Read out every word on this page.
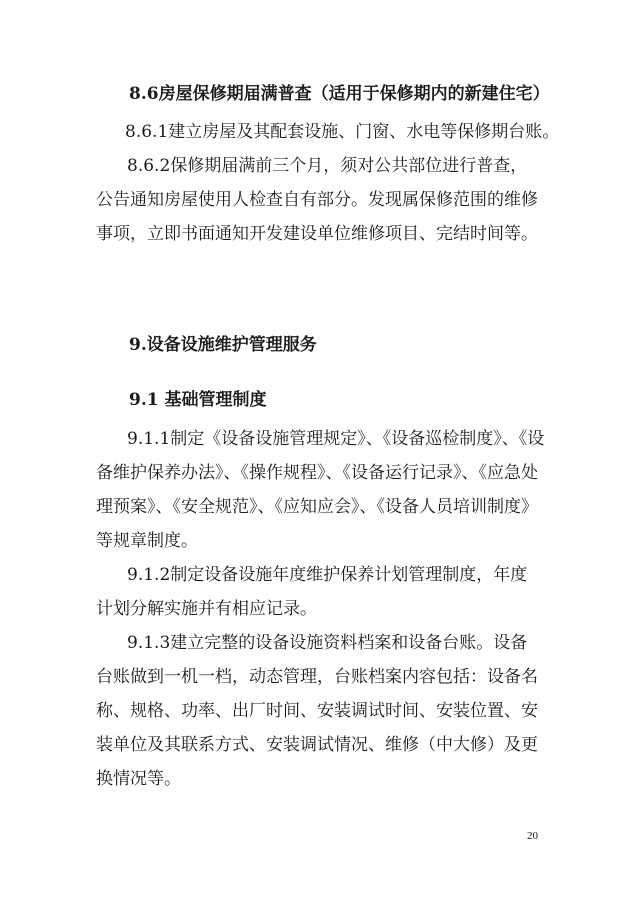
8.6房屋保修期届满普查（适用于保修期内的新建住宅）
8.6.1建立房屋及其配套设施、门窗、水电等保修期台账。
8.6.2保修期届满前三个月，须对公共部位进行普查，
公告通知房屋使用人检查自有部分。发现属保修范围的维修
事项，立即书面通知开发建设单位维修项目、完结时间等。
9.设备设施维护管理服务
9.1 基础管理制度
9.1.1制定《设备设施管理规定》、《设备巡检制度》、《设
备维护保养办法》、《操作规程》、《设备运行记录》、《应急处
理预案》、《安全规范》、《应知应会》、《设备人员培训制度》
等规章制度。
9.1.2制定设备设施年度维护保养计划管理制度，年度
计划分解实施并有相应记录。
9.1.3建立完整的设备设施资料档案和设备台账。设备
台账做到一机一档，动态管理，台账档案内容包括：设备名
称、规格、功率、出厂时间、安装调试时间、安装位置、安
装单位及其联系方式、安装调试情况、维修（中大修）及更
换情况等。
20
